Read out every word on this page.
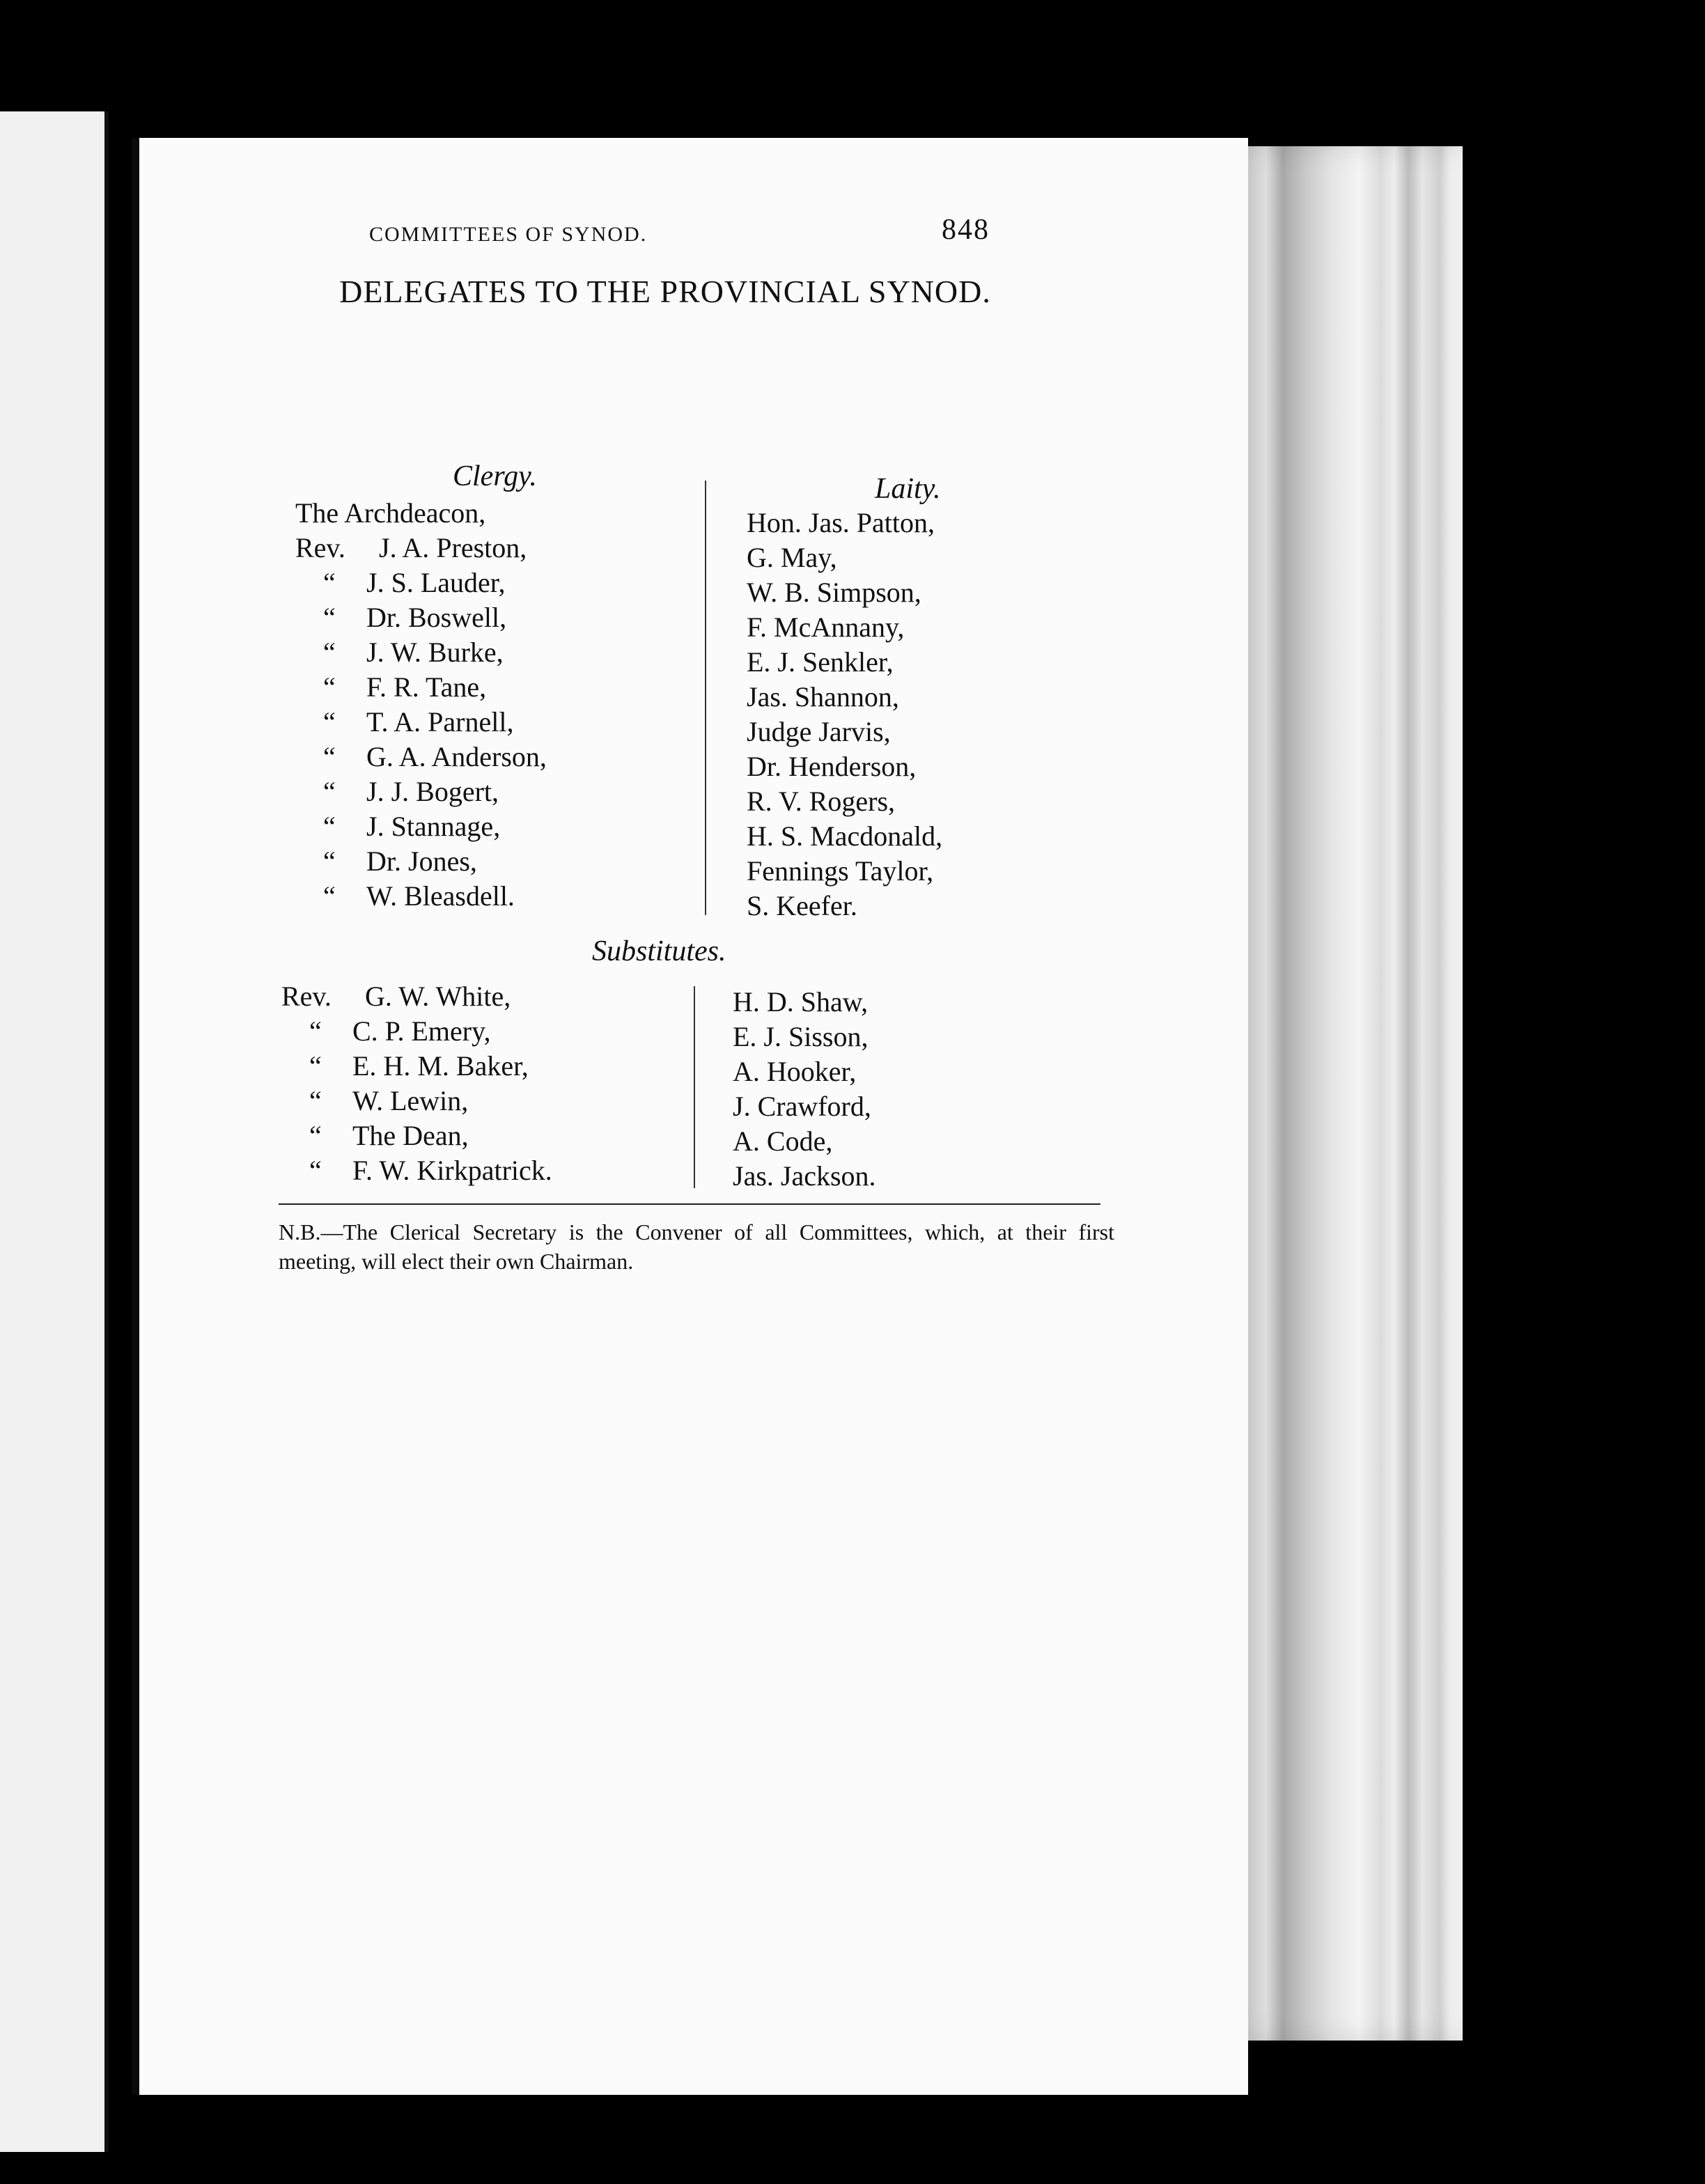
COMMITTEES OF SYNOD.	848
DELEGATES TO THE PROVINCIAL SYNOD.
Clergy.	Laity.
The Archdeacon,
Rev. J. A. Preston,
“ J. S. Lauder,
“ Dr. Boswell,
“ J. W. Burke,
“ F. R. Tane,
“ T. A. Parnell,
“ G. A. Anderson,
“ J. J. Bogert,
“ J. Stannage,
“ Dr. Jones,
“ W. Bleasdell.
Hon. Jas. Patton,
G. May,
W. B. Simpson,
F. McAnnany,
E. J. Senkler,
Jas. Shannon,
Judge Jarvis,
Dr. Henderson,
R. V. Rogers,
H. S. Macdonald,
Fennings Taylor,
S. Keefer.
Substitutes.
Rev. G. W. White,
“ C. P. Emery,
“ E. H. M. Baker,
“ W. Lewin,
“ The Dean,
“ F. W. Kirkpatrick.
H. D. Shaw,
E. J. Sisson,
A. Hooker,
J. Crawford,
A. Code,
Jas. Jackson.
N.B.—The Clerical Secretary is the Convener of all Committees, which, at their first meeting, will elect their own Chairman.
